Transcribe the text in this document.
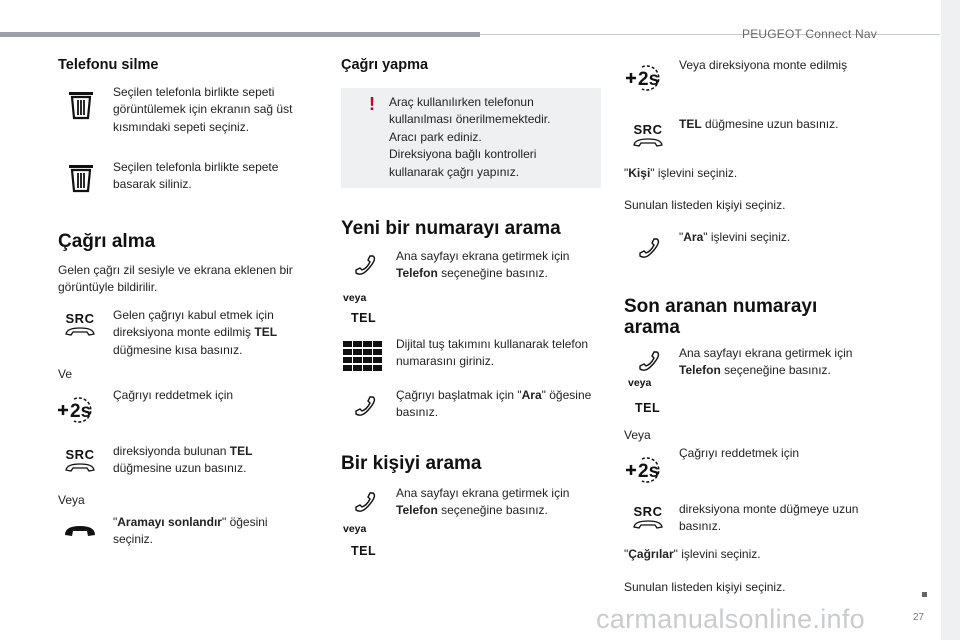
PEUGEOT Connect Nav
27
Telefonu silme
Seçilen telefonla birlikte sepeti görüntülemek için ekranın sağ üst kısmındaki sepeti seçiniz.
Seçilen telefonla birlikte sepete basarak siliniz.
Çağrı alma
Gelen çağrı zil sesiyle ve ekrana eklenen bir görüntüyle bildirilir.
SRC	Gelen çağrıyı kabul etmek için direksiyona monte edilmiş TEL düğmesine kısa basınız.
Ve
2s
Çağrıyı reddetmek için
SRC	direksiyonda bulunan TEL düğmesine uzun basınız.
Veya
"Aramayı sonlandır" öğesini seçiniz.
Çağrı yapma
! Araç kullanılırken telefonun kullanılması önerilmemektedir.
Aracı park ediniz.
Direksiyona bağlı kontrolleri kullanarak çağrı yapınız.
Yeni bir numarayı arama
veya
TEL
Ana sayfayı ekrana getirmek için Telefon seçeneğine basınız.
Dijital tuş takımını kullanarak telefon numarasını giriniz.
Çağrıyı başlatmak için "Ara" öğesine basınız.
Bir kişiyi arama
veya
TEL
Ana sayfayı ekrana getirmek için Telefon seçeneğine basınız.
2s
Veya direksiyona monte edilmiş
SRC	TEL düğmesine uzun basınız.
"Kişi" işlevini seçiniz.
Sunulan listeden kişiyi seçiniz.
"Ara" işlevini seçiniz.
Son aranan numarayı arama
veya
TEL
Ana sayfayı ekrana getirmek için Telefon seçeneğine basınız.
Veya
2s
Çağrıyı reddetmek için
SRC	direksiyona monte düğmeye uzun basınız.
"Çağrılar" işlevini seçiniz.
Sunulan listeden kişiyi seçiniz.
carmanualsonline.info
